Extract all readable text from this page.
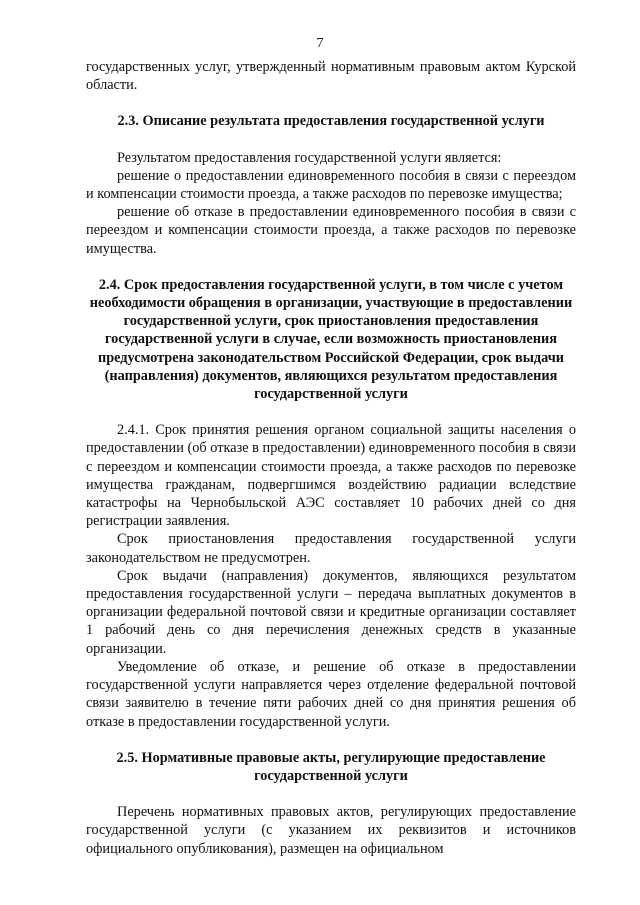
7

государственных услуг, утвержденный нормативным правовым актом Курской области.

2.3. Описание результата предоставления государственной услуги

Результатом предоставления государственной услуги является:

решение о предоставлении единовременного пособия в связи с переездом и компенсации стоимости проезда, а также расходов по перевозке имущества;

решение об отказе в предоставлении единовременного пособия в связи с переездом и компенсации стоимости проезда, а также расходов по перевозке имущества.

2.4. Срок предоставления государственной услуги, в том числе с учетом необходимости обращения в организации, участвующие в предоставлении государственной услуги, срок приостановления предоставления государственной услуги в случае, если возможность приостановления предусмотрена законодательством Российской Федерации, срок выдачи (направления) документов, являющихся результатом предоставления государственной услуги

2.4.1. Срок принятия решения органом социальной защиты населения о предоставлении (об отказе в предоставлении) единовременного пособия в связи с переездом и компенсации стоимости проезда, а также расходов по перевозке имущества гражданам, подвергшимся воздействию радиации вследствие катастрофы на Чернобыльской АЭС составляет 10 рабочих дней со дня регистрации заявления.

Срок приостановления предоставления государственной услуги законодательством не предусмотрен.

Срок выдачи (направления) документов, являющихся результатом предоставления государственной услуги – передача выплатных документов в организации федеральной почтовой связи и кредитные организации составляет 1 рабочий день со дня перечисления денежных средств в указанные организации.

Уведомление об отказе, и решение об отказе в предоставлении государственной услуги направляется через отделение федеральной почтовой связи заявителю в течение пяти рабочих дней со дня принятия решения об отказе в предоставлении государственной услуги.

2.5. Нормативные правовые акты, регулирующие предоставление государственной услуги

Перечень нормативных правовых актов, регулирующих предоставление государственной услуги (с указанием их реквизитов и источников официального опубликования), размещен на официальном
